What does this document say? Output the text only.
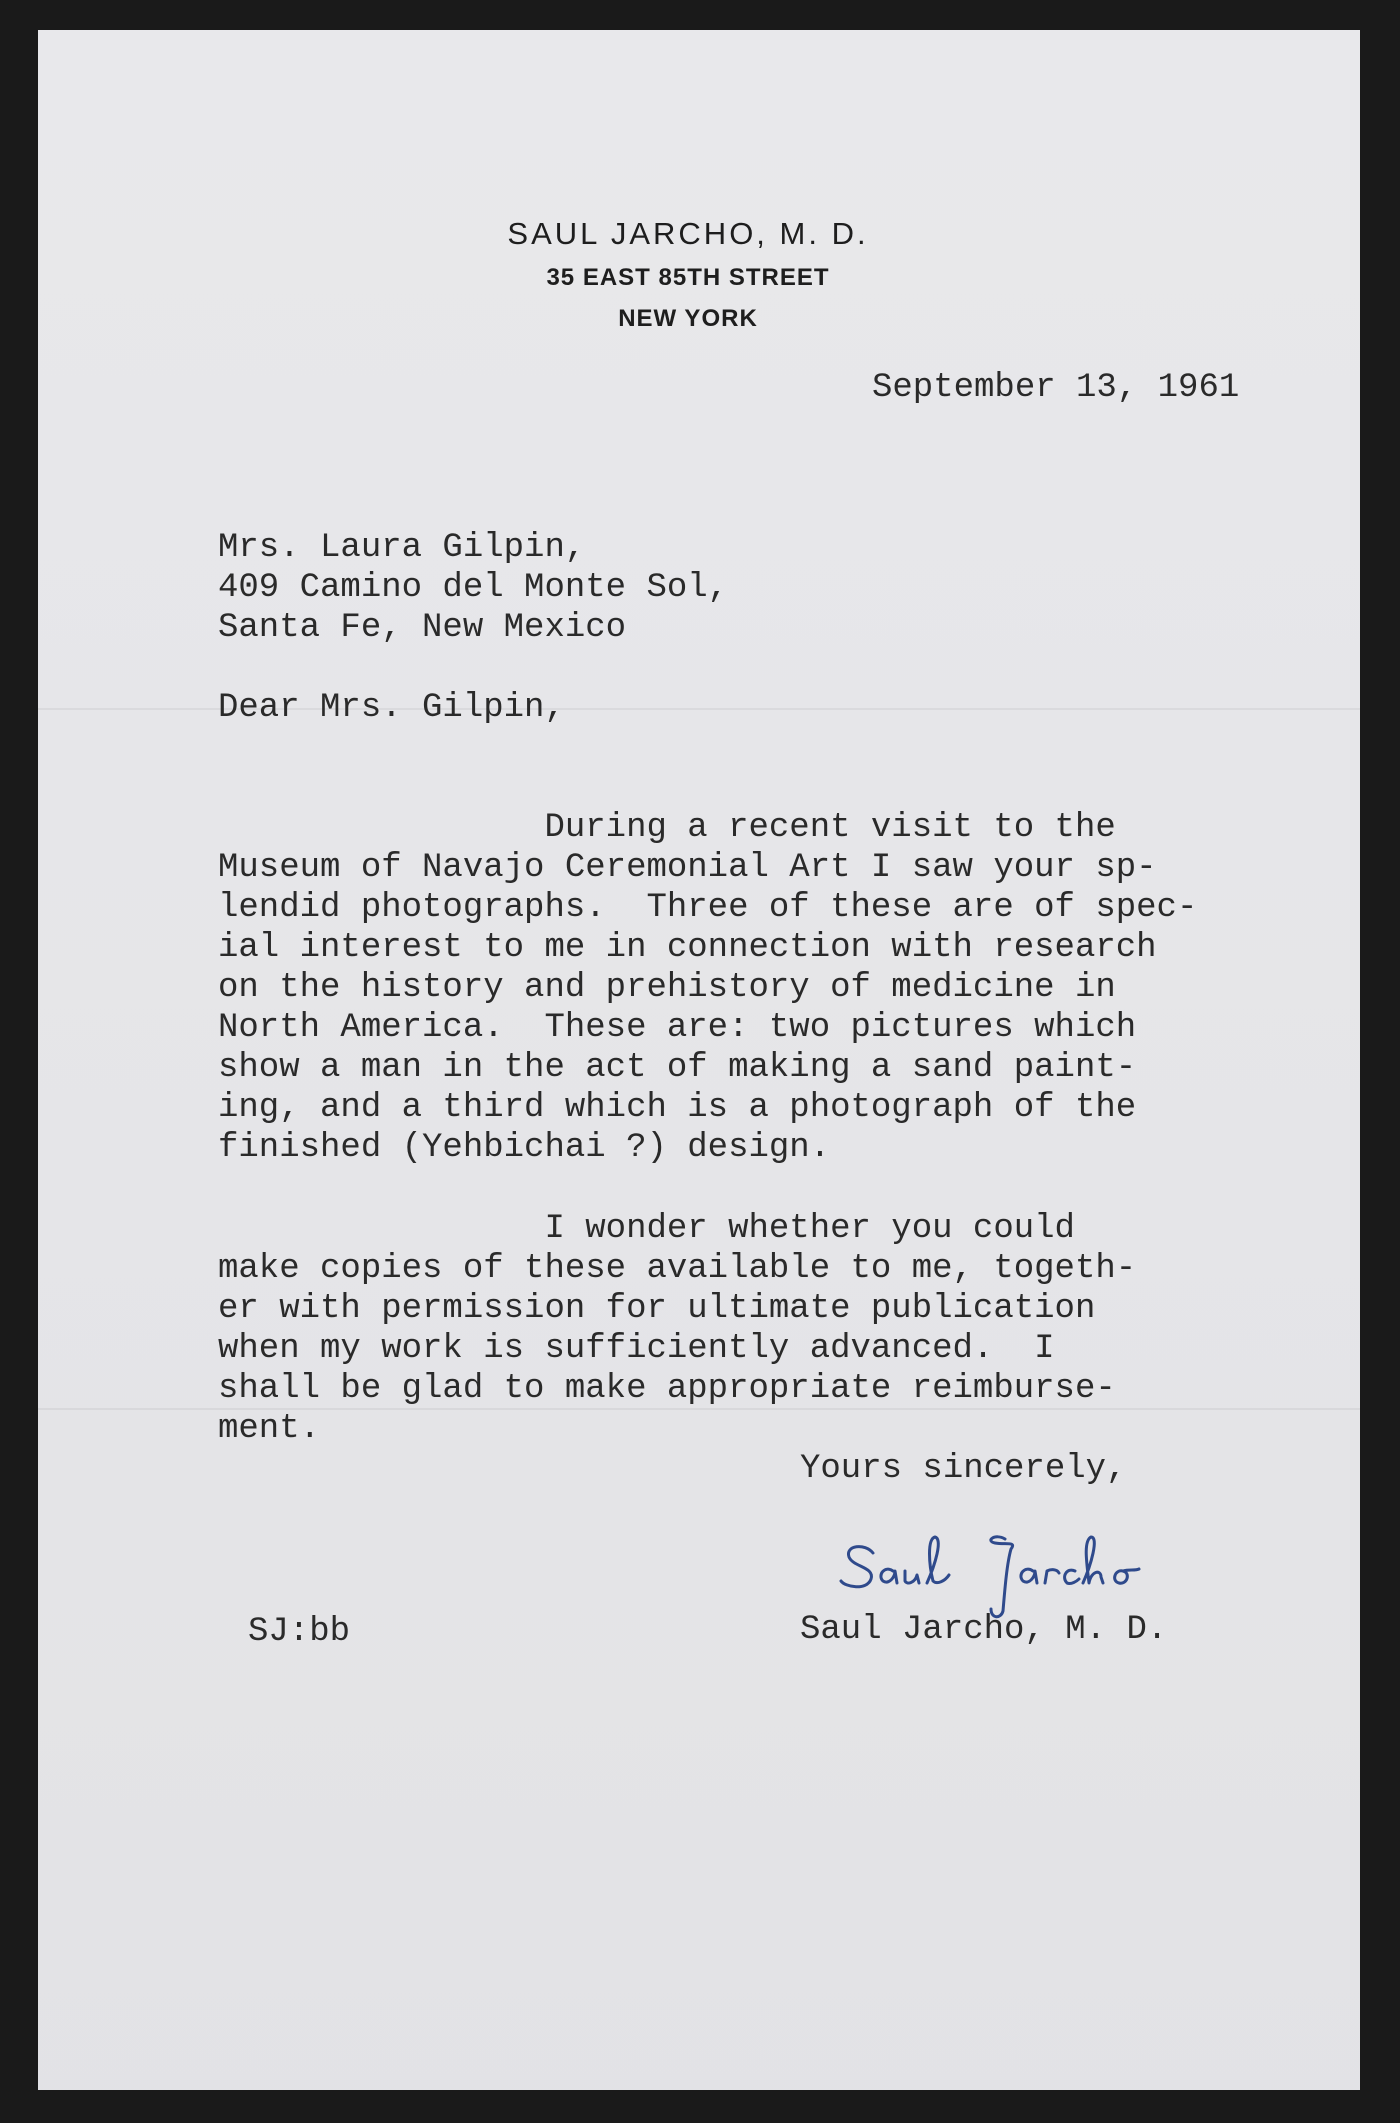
SAUL JARCHO, M. D.

35 EAST 85TH STREET

NEW YORK

September 13, 1961

Mrs. Laura Gilpin,
409 Camino del Monte Sol,
Santa Fe, New Mexico

Dear Mrs. Gilpin,

During a recent visit to the
Museum of Navajo Ceremonial Art I saw your sp-
lendid photographs.  Three of these are of spec-
ial interest to me in connection with research
on the history and prehistory of medicine in
North America.  These are: two pictures which
show a man in the act of making a sand paint-
ing, and a third which is a photograph of the
finished (Yehbichai ?) design.

I wonder whether you could
make copies of these available to me, togeth-
er with permission for ultimate publication
when my work is sufficiently advanced.  I
shall be glad to make appropriate reimburse-
ment.

Yours sincerely,

SJ:bb	Saul Jarcho, M. D.
